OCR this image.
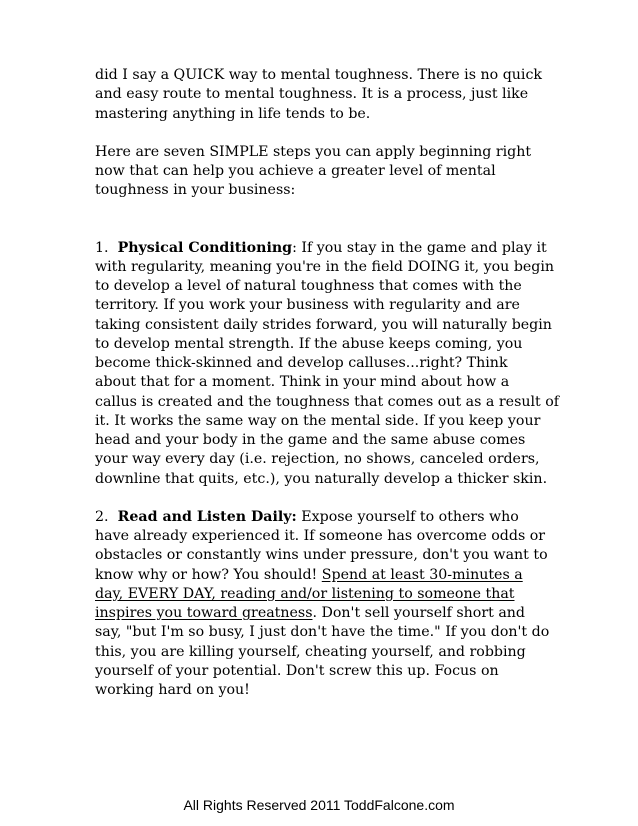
did I say a QUICK way to mental toughness. There is no quick
and easy route to mental toughness. It is a process, just like
mastering anything in life tends to be.

Here are seven SIMPLE steps you can apply beginning right
now that can help you achieve a greater level of mental
toughness in your business:

1. Physical Conditioning: If you stay in the game and play it
with regularity, meaning you're in the field DOING it, you begin
to develop a level of natural toughness that comes with the
territory. If you work your business with regularity and are
taking consistent daily strides forward, you will naturally begin
to develop mental strength. If the abuse keeps coming, you
become thick-skinned and develop calluses...right? Think
about that for a moment. Think in your mind about how a
callus is created and the toughness that comes out as a result of
it. It works the same way on the mental side. If you keep your
head and your body in the game and the same abuse comes
your way every day (i.e. rejection, no shows, canceled orders,
downline that quits, etc.), you naturally develop a thicker skin.

2. Read and Listen Daily: Expose yourself to others who
have already experienced it. If someone has overcome odds or
obstacles or constantly wins under pressure, don't you want to
know why or how? You should! Spend at least 30-minutes a
day, EVERY DAY, reading and/or listening to someone that
inspires you toward greatness. Don't sell yourself short and
say, "but I'm so busy, I just don't have the time." If you don't do
this, you are killing yourself, cheating yourself, and robbing
yourself of your potential. Don't screw this up. Focus on
working hard on you!

All Rights Reserved 2011 ToddFalcone.com
